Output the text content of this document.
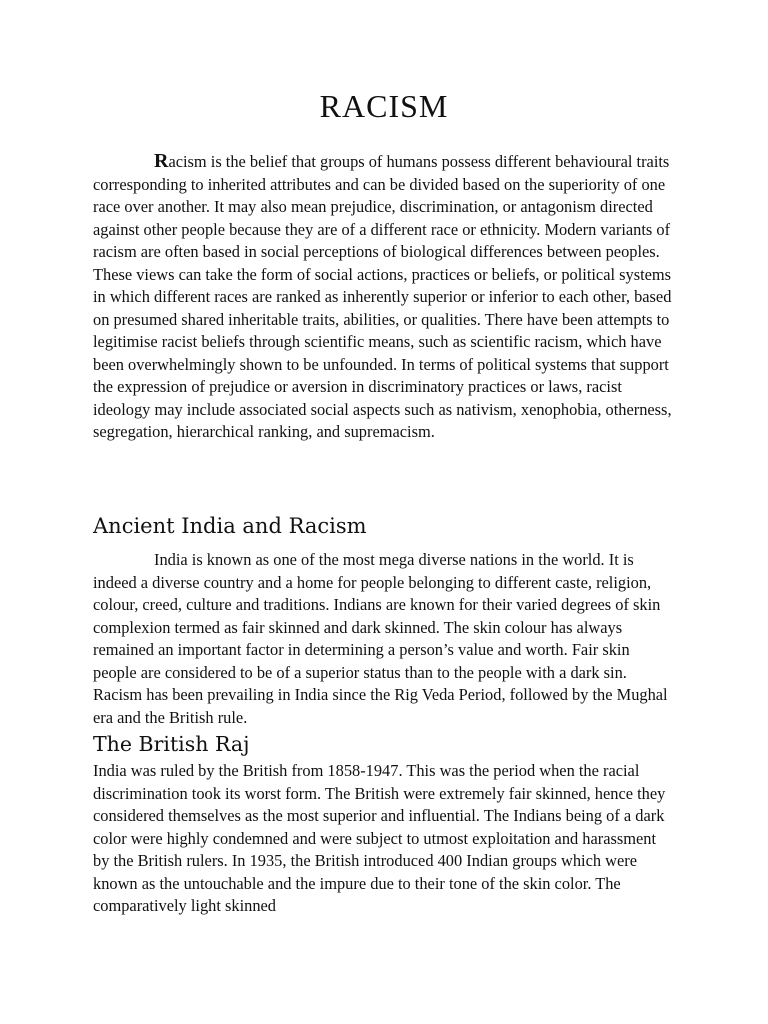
RACISM

Racism is the belief that groups of humans possess different behavioural traits corresponding to inherited attributes and can be divided based on the superiority of one race over another. It may also mean prejudice, discrimination, or antagonism directed against other people because they are of a different race or ethnicity. Modern variants of racism are often based in social perceptions of biological differences between peoples. These views can take the form of social actions, practices or beliefs, or political systems in which different races are ranked as inherently superior or inferior to each other, based on presumed shared inheritable traits, abilities, or qualities. There have been attempts to legitimise racist beliefs through scientific means, such as scientific racism, which have been overwhelmingly shown to be unfounded. In terms of political systems that support the expression of prejudice or aversion in discriminatory practices or laws, racist ideology may include associated social aspects such as nativism, xenophobia, otherness, segregation, hierarchical ranking, and supremacism.

Ancient India and Racism

India is known as one of the most mega diverse nations in the world. It is indeed a diverse country and a home for people belonging to different caste, religion, colour, creed, culture and traditions. Indians are known for their varied degrees of skin complexion termed as fair skinned and dark skinned. The skin colour has always remained an important factor in determining a person’s value and worth. Fair skin people are considered to be of a superior status than to the people with a dark sin. Racism has been prevailing in India since the Rig Veda Period, followed by the Mughal era and the British rule.

The British Raj

India was ruled by the British from 1858-1947. This was the period when the racial discrimination took its worst form. The British were extremely fair skinned, hence they considered themselves as the most superior and influential. The Indians being of a dark color were highly condemned and were subject to utmost exploitation and harassment by the British rulers. In 1935, the British introduced 400 Indian groups which were known as the untouchable and the impure due to their tone of the skin color. The comparatively light skinned
